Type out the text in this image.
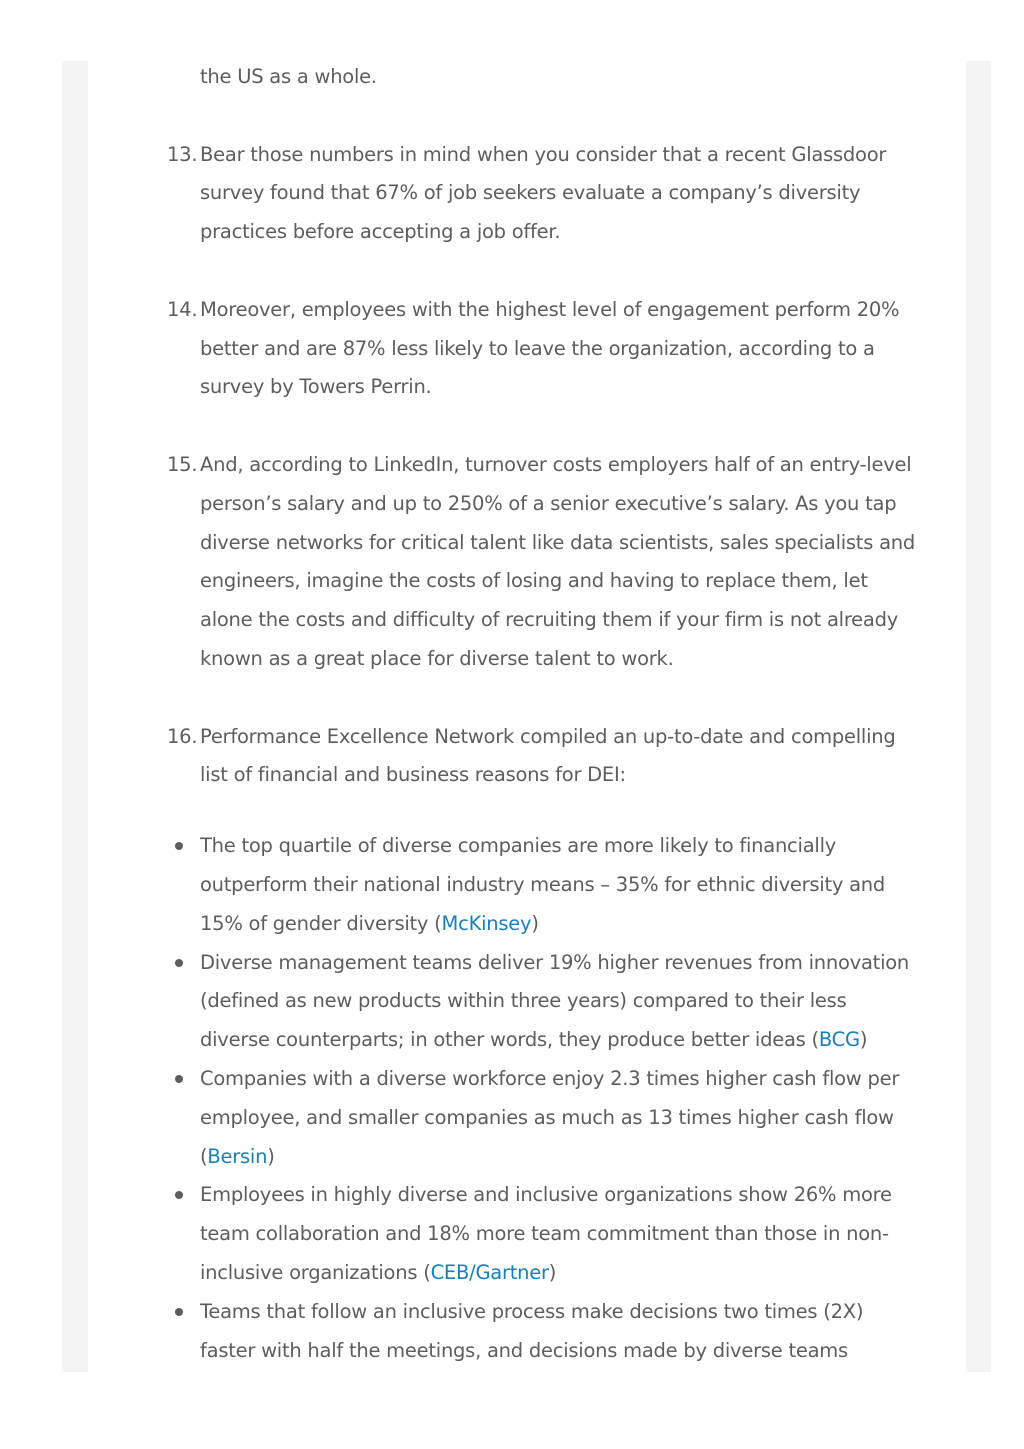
the US as a whole.

13. Bear those numbers in mind when you consider that a recent Glassdoor survey found that 67% of job seekers evaluate a company’s diversity practices before accepting a job offer.
14. Moreover, employees with the highest level of engagement perform 20% better and are 87% less likely to leave the organization, according to a survey by Towers Perrin.
15. And, according to LinkedIn, turnover costs employers half of an entry-level person’s salary and up to 250% of a senior executive’s salary. As you tap diverse networks for critical talent like data scientists, sales specialists and engineers, imagine the costs of losing and having to replace them, let alone the costs and difficulty of recruiting them if your firm is not already known as a great place for diverse talent to work.
16. Performance Excellence Network compiled an up-to-date and compelling list of financial and business reasons for DEI:
The top quartile of diverse companies are more likely to financially outperform their national industry means – 35% for ethnic diversity and 15% of gender diversity (McKinsey)
Diverse management teams deliver 19% higher revenues from innovation (defined as new products within three years) compared to their less diverse counterparts; in other words, they produce better ideas (BCG)
Companies with a diverse workforce enjoy 2.3 times higher cash flow per employee, and smaller companies as much as 13 times higher cash flow (Bersin)
Employees in highly diverse and inclusive organizations show 26% more team collaboration and 18% more team commitment than those in non-inclusive organizations (CEB/Gartner)
Teams that follow an inclusive process make decisions two times (2X) faster with half the meetings, and decisions made by diverse teams
